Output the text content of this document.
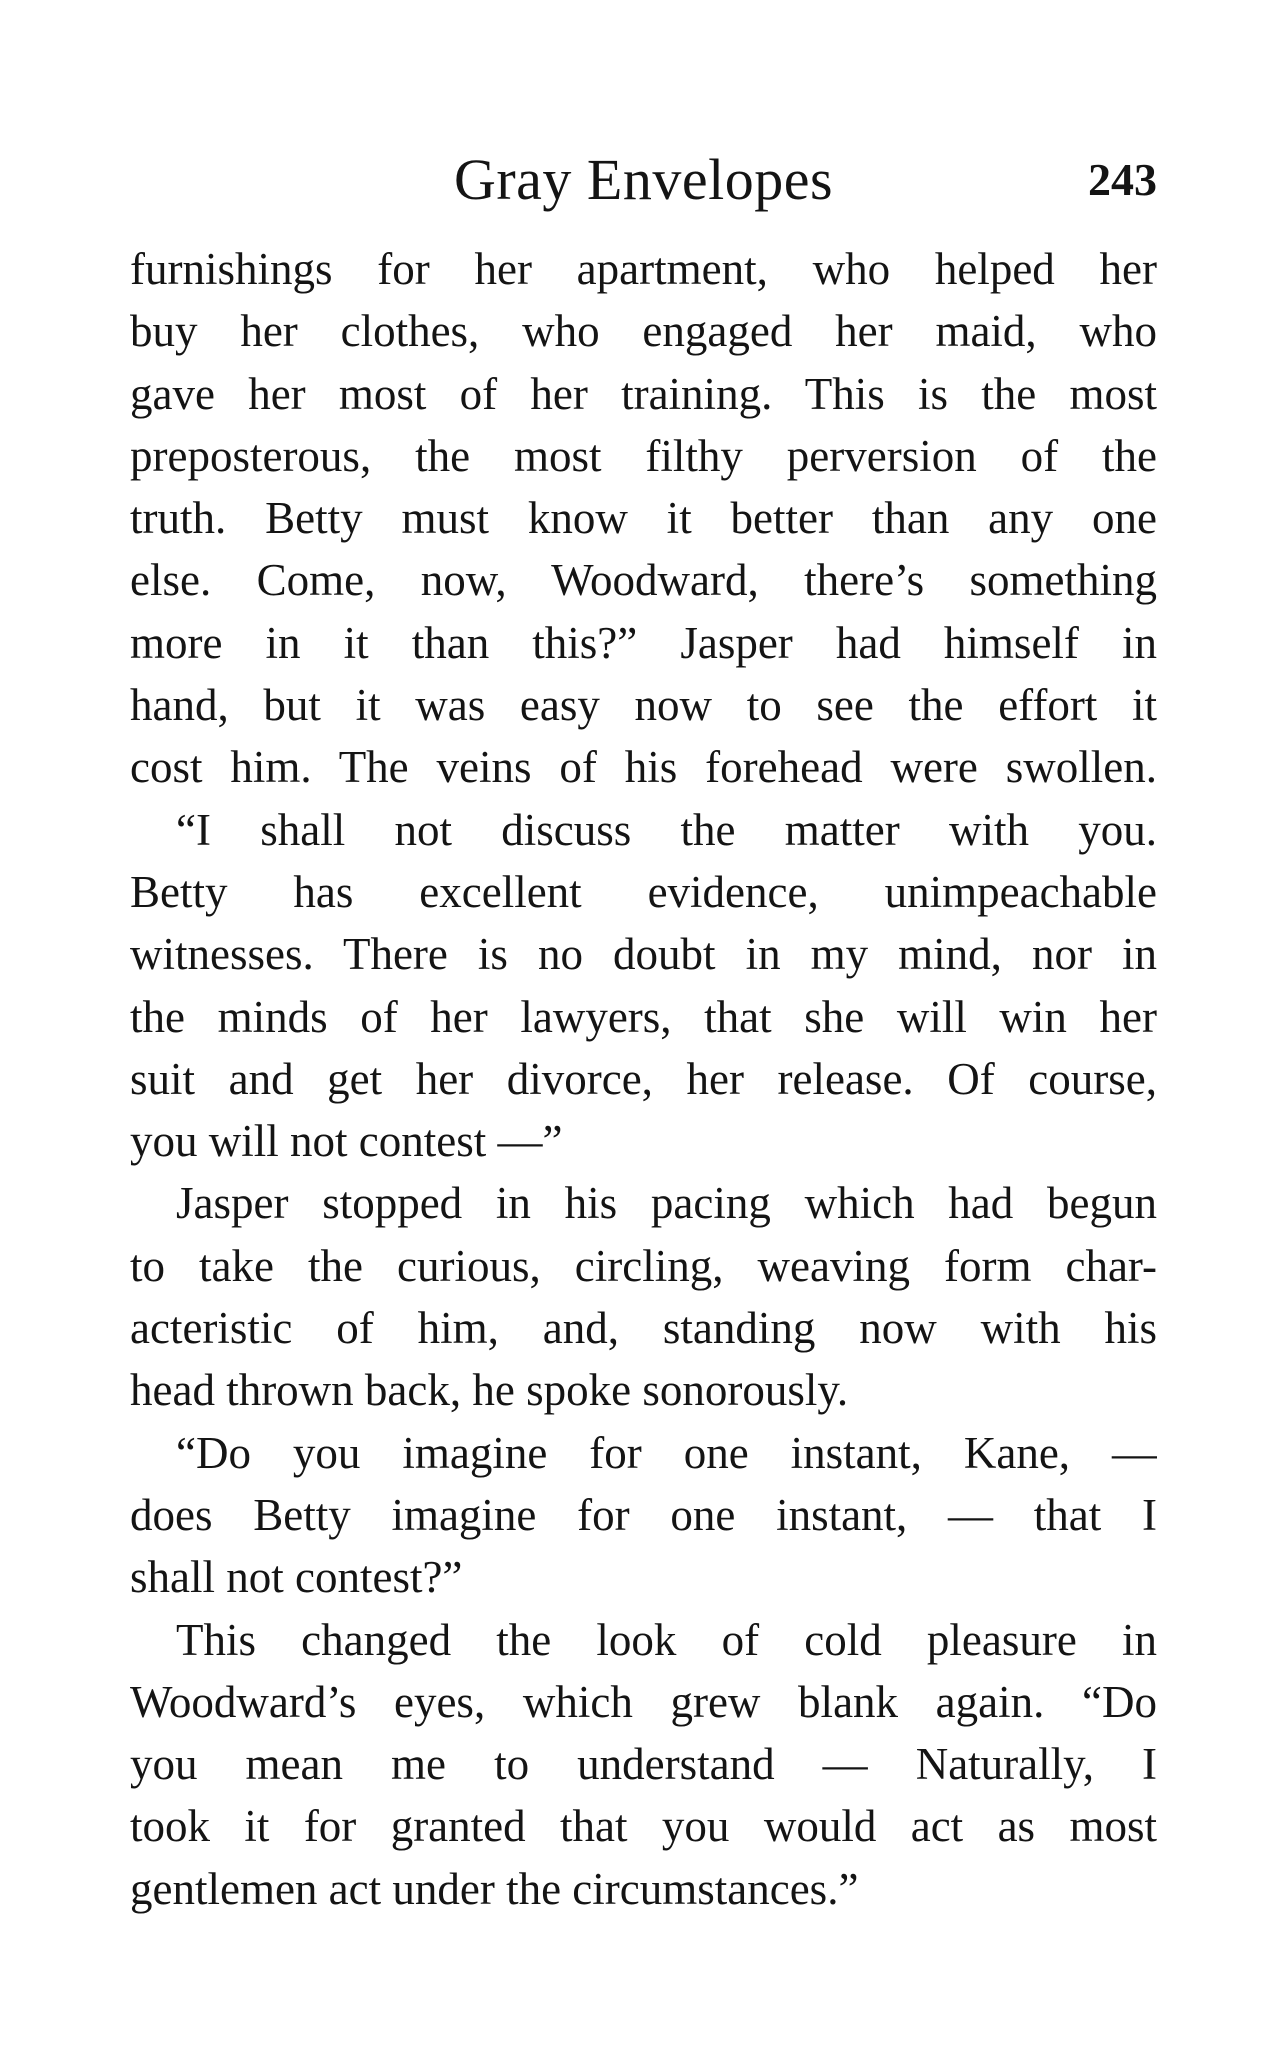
Gray Envelopes	243
furnishings for her apartment, who helped her
buy her clothes, who engaged her maid, who
gave her most of her training. This is the most
preposterous, the most filthy perversion of the
truth. Betty must know it better than any one
else. Come, now, Woodward, there’s something
more in it than this?” Jasper had himself in
hand, but it was easy now to see the effort it
cost him. The veins of his forehead were swollen.
“I shall not discuss the matter with you.
Betty has excellent evidence, unimpeachable
witnesses. There is no doubt in my mind, nor in
the minds of her lawyers, that she will win her
suit and get her divorce, her release. Of course,
you will not contest —”
Jasper stopped in his pacing which had begun
to take the curious, circling, weaving form char-
acteristic of him, and, standing now with his
head thrown back, he spoke sonorously.
“Do you imagine for one instant, Kane, —
does Betty imagine for one instant, — that I
shall not contest?”
This changed the look of cold pleasure in
Woodward’s eyes, which grew blank again. “Do
you mean me to understand — Naturally, I
took it for granted that you would act as most
gentlemen act under the circumstances.”
